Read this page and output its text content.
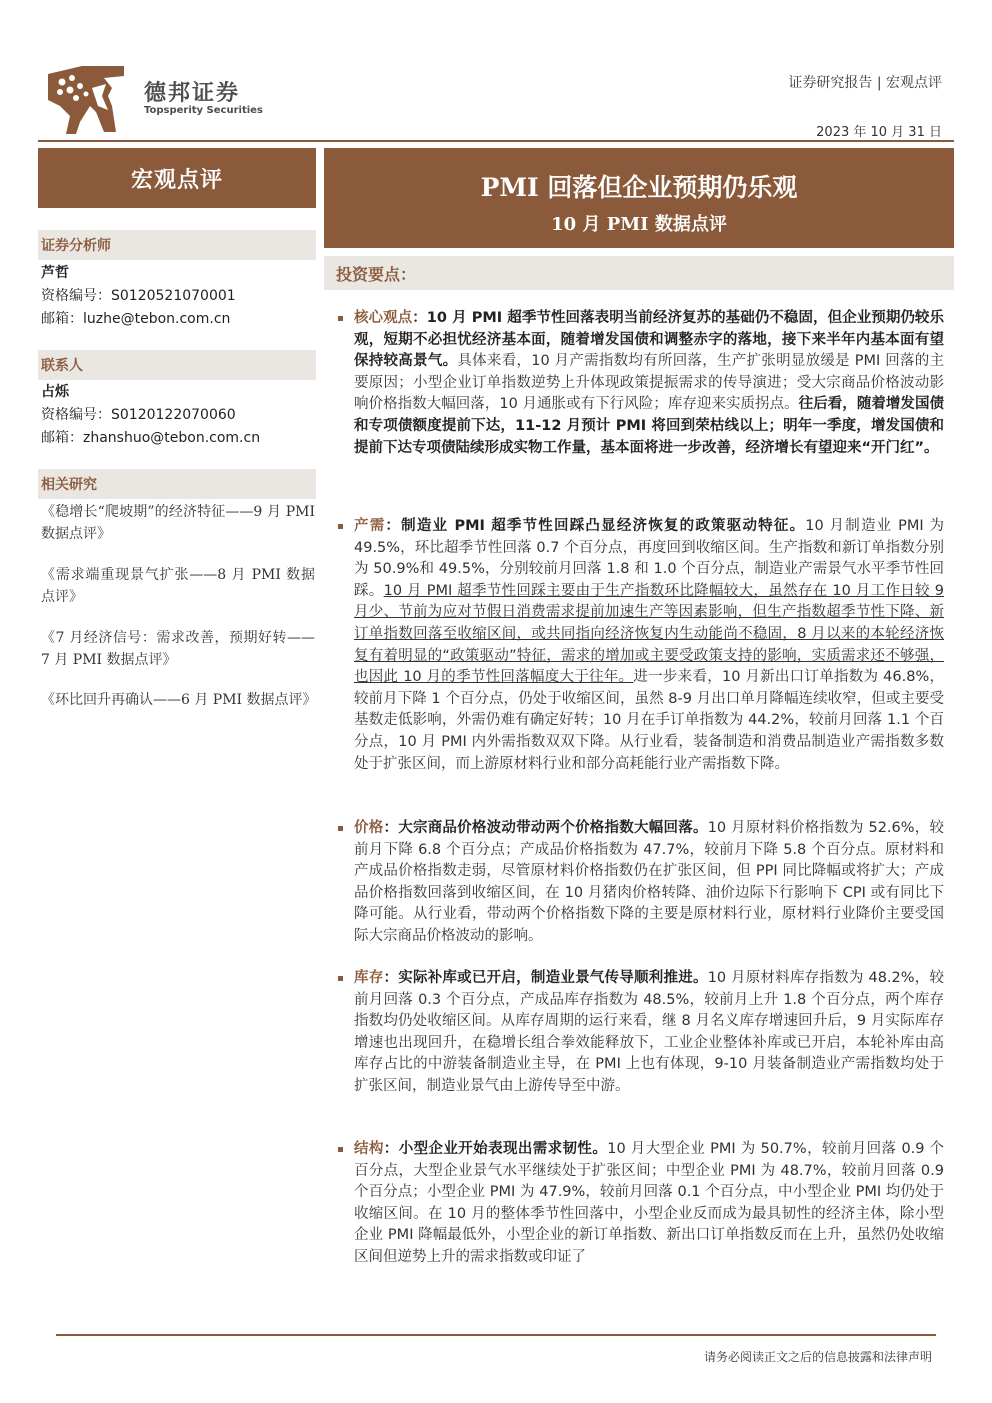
德邦证券
Topsperity Securities
证券研究报告 | 宏观点评
2023 年 10 月 31 日
宏观点评	PMI 回落但企业预期仍乐观
10 月 PMI 数据点评
证券分析师
芦哲
资格编号：S0120521070001
邮箱：luzhe@tebon.com.cn
联系人
占烁
资格编号：S0120122070060
邮箱：zhanshuo@tebon.com.cn
相关研究
《稳增长“爬坡期”的经济特征——9 月 PMI 数据点评》
《需求端重现景气扩张——8 月 PMI 数据点评》
《7 月经济信号：需求改善，预期好转——7 月 PMI 数据点评》
《环比回升再确认——6 月 PMI 数据点评》
投资要点：
核心观点：10 月 PMI 超季节性回落表明当前经济复苏的基础仍不稳固，但企业预期仍较乐观，短期不必担忧经济基本面，随着增发国债和调整赤字的落地，接下来半年内基本面有望保持较高景气。具体来看，10 月产需指数均有所回落，生产扩张明显放缓是 PMI 回落的主要原因；小型企业订单指数逆势上升体现政策提振需求的传导演进；受大宗商品价格波动影响价格指数大幅回落，10 月通胀或有下行风险；库存迎来实质拐点。往后看，随着增发国债和专项债额度提前下达，11-12 月预计 PMI 将回到荣枯线以上；明年一季度，增发国债和提前下达专项债陆续形成实物工作量，基本面将进一步改善，经济增长有望迎来“开门红”。
产需：制造业 PMI 超季节性回踩凸显经济恢复的政策驱动特征。10 月制造业 PMI 为 49.5%，环比超季节性回落 0.7 个百分点，再度回到收缩区间。生产指数和新订单指数分别为 50.9%和 49.5%，分别较前月回落 1.8 和 1.0 个百分点，制造业产需景气水平季节性回踩。10 月 PMI 超季节性回踩主要由于生产指数环比降幅较大，虽然存在 10 月工作日较 9 月少、节前为应对节假日消费需求提前加速生产等因素影响，但生产指数超季节性下降、新订单指数回落至收缩区间，或共同指向经济恢复内生动能尚不稳固，8 月以来的本轮经济恢复有着明显的“政策驱动”特征，需求的增加或主要受政策支持的影响，实质需求还不够强，也因此 10 月的季节性回落幅度大于往年。进一步来看，10 月新出口订单指数为 46.8%，较前月下降 1 个百分点，仍处于收缩区间，虽然 8-9 月出口单月降幅连续收窄，但或主要受基数走低影响，外需仍难有确定好转；10 月在手订单指数为 44.2%，较前月回落 1.1 个百分点，10 月 PMI 内外需指数双双下降。从行业看，装备制造和消费品制造业产需指数多数处于扩张区间，而上游原材料行业和部分高耗能行业产需指数下降。
价格：大宗商品价格波动带动两个价格指数大幅回落。10 月原材料价格指数为 52.6%，较前月下降 6.8 个百分点；产成品价格指数为 47.7%，较前月下降 5.8 个百分点。原材料和产成品价格指数走弱，尽管原材料价格指数仍在扩张区间，但 PPI 同比降幅或将扩大；产成品价格指数回落到收缩区间，在 10 月猪肉价格转降、油价边际下行影响下 CPI 或有同比下降可能。从行业看，带动两个价格指数下降的主要是原材料行业，原材料行业降价主要受国际大宗商品价格波动的影响。
库存：实际补库或已开启，制造业景气传导顺利推进。10 月原材料库存指数为 48.2%，较前月回落 0.3 个百分点，产成品库存指数为 48.5%，较前月上升 1.8 个百分点，两个库存指数均仍处收缩区间。从库存周期的运行来看，继 8 月名义库存增速回升后，9 月实际库存增速也出现回升，在稳增长组合拳效能释放下，工业企业整体补库或已开启，本轮补库由高库存占比的中游装备制造业主导，在 PMI 上也有体现，9-10 月装备制造业产需指数均处于扩张区间，制造业景气由上游传导至中游。
结构：小型企业开始表现出需求韧性。10 月大型企业 PMI 为 50.7%，较前月回落 0.9 个百分点，大型企业景气水平继续处于扩张区间；中型企业 PMI 为 48.7%，较前月回落 0.9 个百分点；小型企业 PMI 为 47.9%，较前月回落 0.1 个百分点，中小型企业 PMI 均仍处于收缩区间。在 10 月的整体季节性回落中，小型企业反而成为最具韧性的经济主体，除小型企业 PMI 降幅最低外，小型企业的新订单指数、新出口订单指数反而在上升，虽然仍处收缩区间但逆势上升的需求指数或印证了
请务必阅读正文之后的信息披露和法律声明
